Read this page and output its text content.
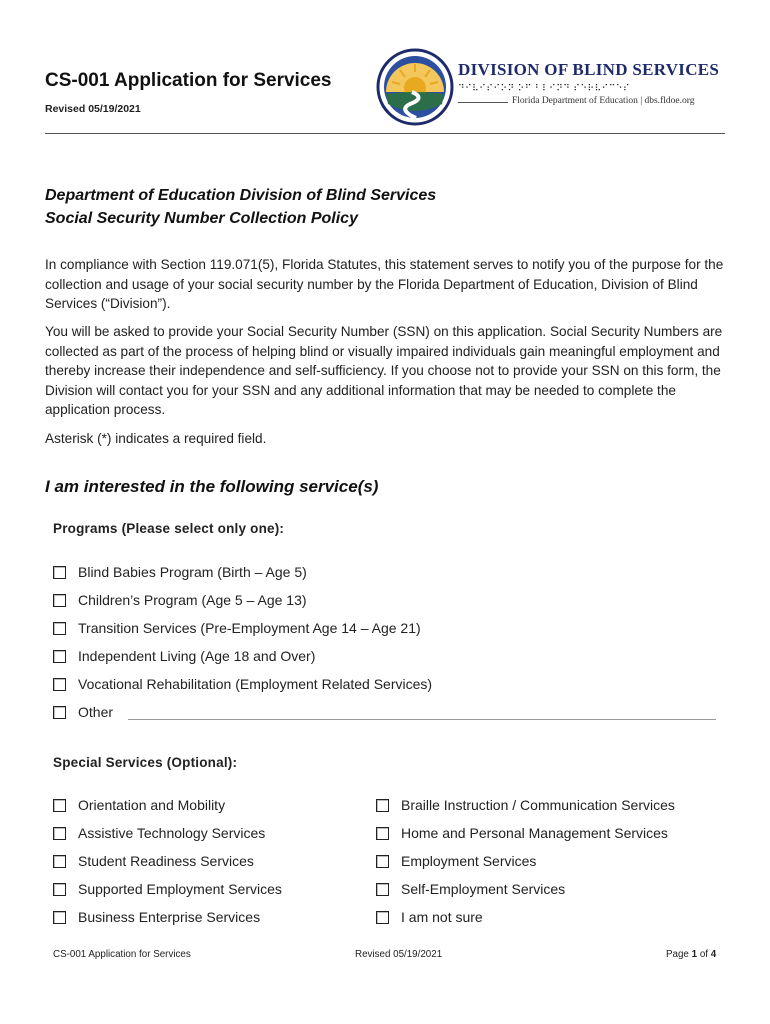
CS-001 Application for Services
Revised 05/19/2021
DIVISION OF BLIND SERVICES
⠙⠊⠧⠊⠎⠊⠕⠝ ⠕⠋ ⠃⠇⠊⠝⠙ ⠎⠑⠗⠧⠊⠉⠑⠎
Florida Department of Education | dbs.fldoe.org
Department of Education Division of Blind Services
Social Security Number Collection Policy
In compliance with Section 119.071(5), Florida Statutes, this statement serves to notify you of the purpose for the collection and usage of your social security number by the Florida Department of Education, Division of Blind Services (“Division”).
You will be asked to provide your Social Security Number (SSN) on this application. Social Security Numbers are collected as part of the process of helping blind or visually impaired individuals gain meaningful employment and thereby increase their independence and self-sufficiency. If you choose not to provide your SSN on this form, the Division will contact you for your SSN and any additional information that may be needed to complete the application process.
Asterisk (*) indicates a required field.
I am interested in the following service(s)
Programs (Please select only one):
Blind Babies Program (Birth – Age 5)
Children’s Program (Age 5 – Age 13)
Transition Services (Pre-Employment Age 14 – Age 21)
Independent Living (Age 18 and Over)
Vocational Rehabilitation (Employment Related Services)
Other
Special Services (Optional):
Orientation and Mobility
Assistive Technology Services
Student Readiness Services
Supported Employment Services
Business Enterprise Services
Braille Instruction / Communication Services
Home and Personal Management Services
Employment Services
Self-Employment Services
I am not sure
CS-001 Application for Services	Revised 05/19/2021	Page 1 of 4
